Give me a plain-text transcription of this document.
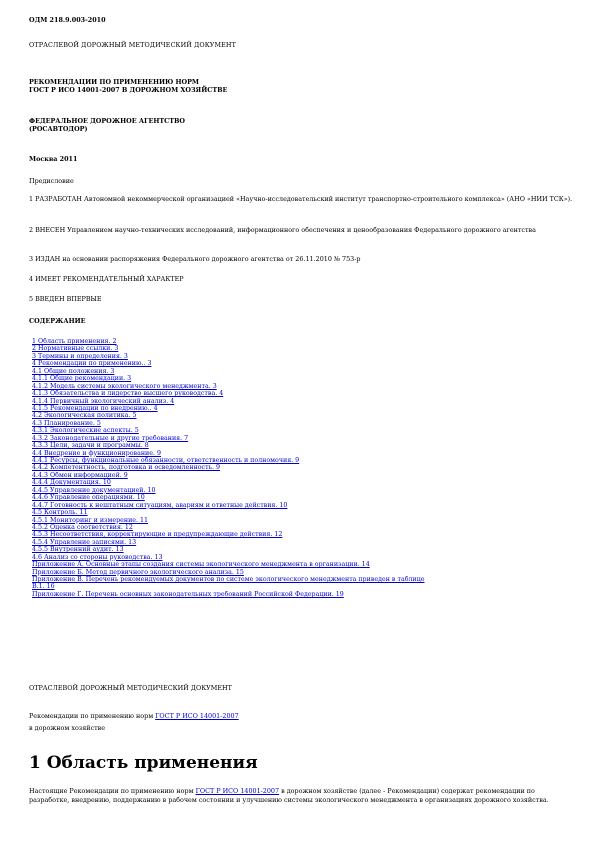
ОДМ 218.9.003-2010

ОТРАСЛЕВОЙ ДОРОЖНЫЙ МЕТОДИЧЕСКИЙ ДОКУМЕНТ

РЕКОМЕНДАЦИИ ПО ПРИМЕНЕНИЮ НОРМ

ГОСТ Р ИСО 14001-2007 В ДОРОЖНОМ ХОЗЯЙСТВЕ

ФЕДЕРАЛЬНОЕ ДОРОЖНОЕ АГЕНТСТВО

(РОСАВТОДОР)

Москва 2011

Предисловие

1 РАЗРАБОТАН Автономной некоммерческой организацией «Научно-исследовательский институт транспортно-строительного комплекса» (АНО «НИИ ТСК»).

2 ВНЕСЕН Управлением научно-технических исследований, информационного обеспечения и ценообразования Федерального дорожного агентства

3 ИЗДАН на основании распоряжения Федерального дорожного агентства от 26.11.2010 № 753-р

4 ИМЕЕТ РЕКОМЕНДАТЕЛЬНЫЙ ХАРАКТЕР

5 ВВЕДЕН ВПЕРВЫЕ

СОДЕРЖАНИЕ

1 Область применения. 2
2 Нормативные ссылки. 3
3 Термины и определения. 3
4 Рекомендации по применению.. 3
4.1 Общие положения. 3
4.1.1 Общие рекомендации. 3
4.1.2 Модель системы экологического менеджмента. 3
4.1.3 Обязательства и лидерство высшего руководства. 4
4.1.4 Первичный экологический анализ. 4
4.1.5 Рекомендации по внедрению.. 4
4.2 Экологическая политика. 5
4.3 Планирование. 5
4.3.1 Экологические аспекты. 5
4.3.2 Законодательные и другие требования. 7
4.3.3 Цели, задачи и программы. 8
4.4 Внедрение и функционирование. 9
4.4.1 Ресурсы, функциональные обязанности, ответственность и полномочия. 9
4.4.2 Компетентность, подготовка и осведомленность. 9
4.4.3 Обмен информацией. 9
4.4.4 Документация. 10
4.4.5 Управление документацией. 10
4.4.6 Управление операциями. 10
4.4.7 Готовность к нештатным ситуациям, авариям и ответные действия. 10
4.5 Контроль. 11
4.5.1 Мониторинг и измерение. 11
4.5.2 Оценка соответствия. 12
4.5.3 Несоответствия, корректирующие и предупреждающие действия. 12
4.5.4 Управление записями. 13
4.5.5 Внутренний аудит. 13
4.6 Анализ со стороны руководства. 13
Приложение А. Основные этапы создания системы экологического менеджмента в организации. 14
Приложение Б. Метод первичного экологического анализа. 15
Приложение В. Перечень рекомендуемых документов по системе экологического менеджмента приведен в таблице
В.1. 16
Приложение Г. Перечень основных законодательных требований Российской Федерации. 19

ОТРАСЛЕВОЙ ДОРОЖНЫЙ МЕТОДИЧЕСКИЙ ДОКУМЕНТ

Рекомендации по применению норм ГОСТ Р ИСО 14001-2007

в дорожном хозяйстве

1 Область применения

Настоящие Рекомендации по применению норм ГОСТ Р ИСО 14001-2007 в дорожном хозяйстве (далее - Рекомендации) содержат рекомендации по разработке, внедрению, поддержанию в рабочем состоянии и улучшению системы экологического менеджмента в организациях дорожного хозяйства.
